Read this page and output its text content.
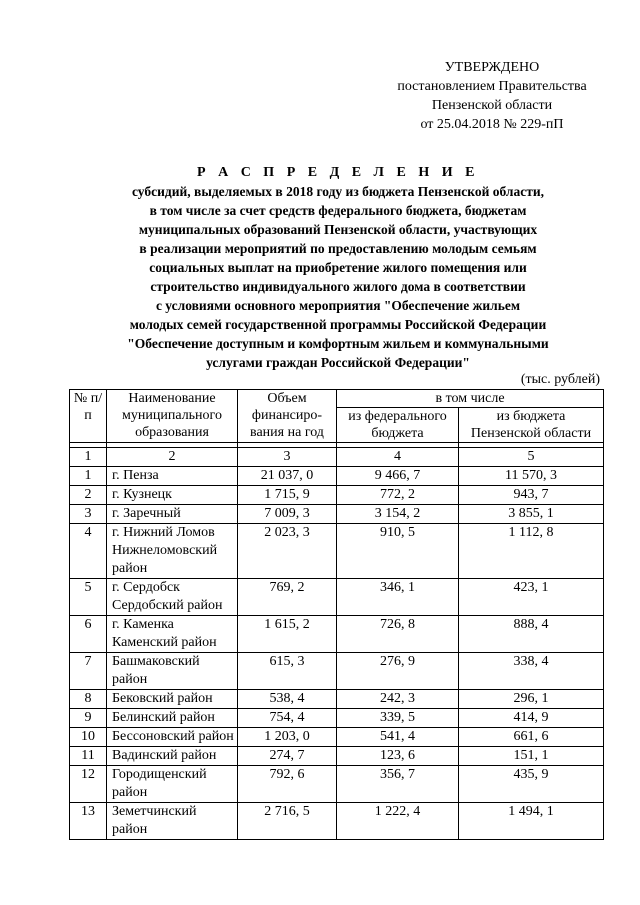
УТВЕРЖДЕНО
постановлением Правительства
Пензенской области
от 25.04.2018 № 229-пП
Р А С П Р Е Д Е Л Е Н И Е
субсидий, выделяемых в 2018 году из бюджета Пензенской области,
в том числе за счет средств федерального бюджета, бюджетам
муниципальных образований Пензенской области, участвующих
в реализации мероприятий по предоставлению молодым семьям
социальных выплат на приобретение жилого помещения или
строительство индивидуального жилого дома в соответствии
с условиями основного мероприятия "Обеспечение жильем
молодых семей государственной программы Российской Федерации
"Обеспечение доступным и комфортным жильем и коммунальными
услугами граждан Российской Федерации"
(тыс. рублей)
№ п/п	Наименование муниципального образования	Объем финансиро-вания на год	в том числе	
			из федерального бюджета	из бюджета Пензенской области

1	2	3	4	5
1	г. Пенза	21 037, 0	9 466, 7	11 570, 3
2	г. Кузнецк	1 715, 9	772, 2	943, 7
3	г. Заречный	7 009, 3	3 154, 2	3 855, 1
4	г. Нижний Ломов Нижнеломовский район	2 023, 3	910, 5	1 112, 8
5	г. Сердобск Сердобский район	769, 2	346, 1	423, 1
6	г. Каменка Каменский район	1 615, 2	726, 8	888, 4
7	Башмаковский район	615, 3	276, 9	338, 4
8	Бековский район	538, 4	242, 3	296, 1
9	Белинский район	754, 4	339, 5	414, 9
10	Бессоновский район	1 203, 0	541, 4	661, 6
11	Вадинский район	274, 7	123, 6	151, 1
12	Городищенский район	792, 6	356, 7	435, 9
13	Земетчинский район	2 716, 5	1 222, 4	1 494, 1
